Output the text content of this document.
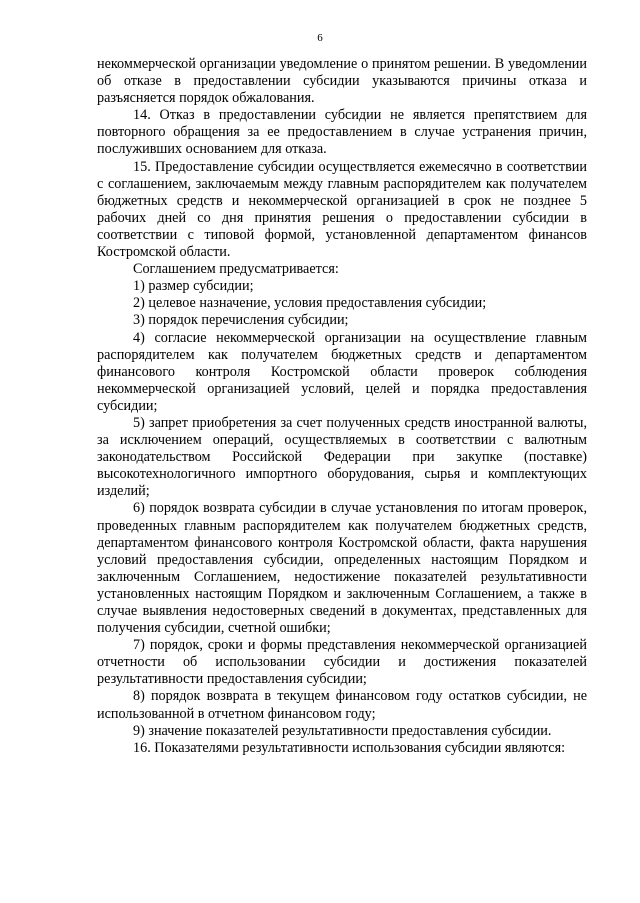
6

некоммерческой организации уведомление о принятом решении. В уведомлении об отказе в предоставлении субсидии указываются причины отказа и разъясняется порядок обжалования.

14. Отказ в предоставлении субсидии не является препятствием для повторного обращения за ее предоставлением в случае устранения причин, послуживших основанием для отказа.

15. Предоставление субсидии осуществляется ежемесячно в соответствии с соглашением, заключаемым между главным распорядителем как получателем бюджетных средств и некоммерческой организацией в срок не позднее 5 рабочих дней со дня принятия решения о предоставлении субсидии в соответствии с типовой формой, установленной департаментом финансов Костромской области.

Соглашением предусматривается:

1) размер субсидии;

2) целевое назначение, условия предоставления субсидии;

3) порядок перечисления субсидии;

4) согласие некоммерческой организации на осуществление главным распорядителем как получателем бюджетных средств и департаментом финансового контроля Костромской области проверок соблюдения некоммерческой организацией условий, целей и порядка предоставления субсидии;

5) запрет приобретения за счет полученных средств иностранной валюты, за исключением операций, осуществляемых в соответствии с валютным законодательством Российской Федерации при закупке (поставке) высокотехнологичного импортного оборудования, сырья и комплектующих изделий;

6) порядок возврата субсидии в случае установления по итогам проверок, проведенных главным распорядителем как получателем бюджетных средств, департаментом финансового контроля Костромской области, факта нарушения условий предоставления субсидии, определенных настоящим Порядком и заключенным Соглашением, недостижение показателей результативности установленных настоящим Порядком и заключенным Соглашением, а также в случае выявления недостоверных сведений в документах, представленных для получения субсидии, счетной ошибки;

7) порядок, сроки и формы представления некоммерческой организацией отчетности об использовании субсидии и достижения показателей результативности предоставления субсидии;

8) порядок возврата в текущем финансовом году остатков субсидии, не использованной в отчетном финансовом году;

9) значение показателей результативности предоставления субсидии.

16. Показателями результативности использования субсидии являются:
